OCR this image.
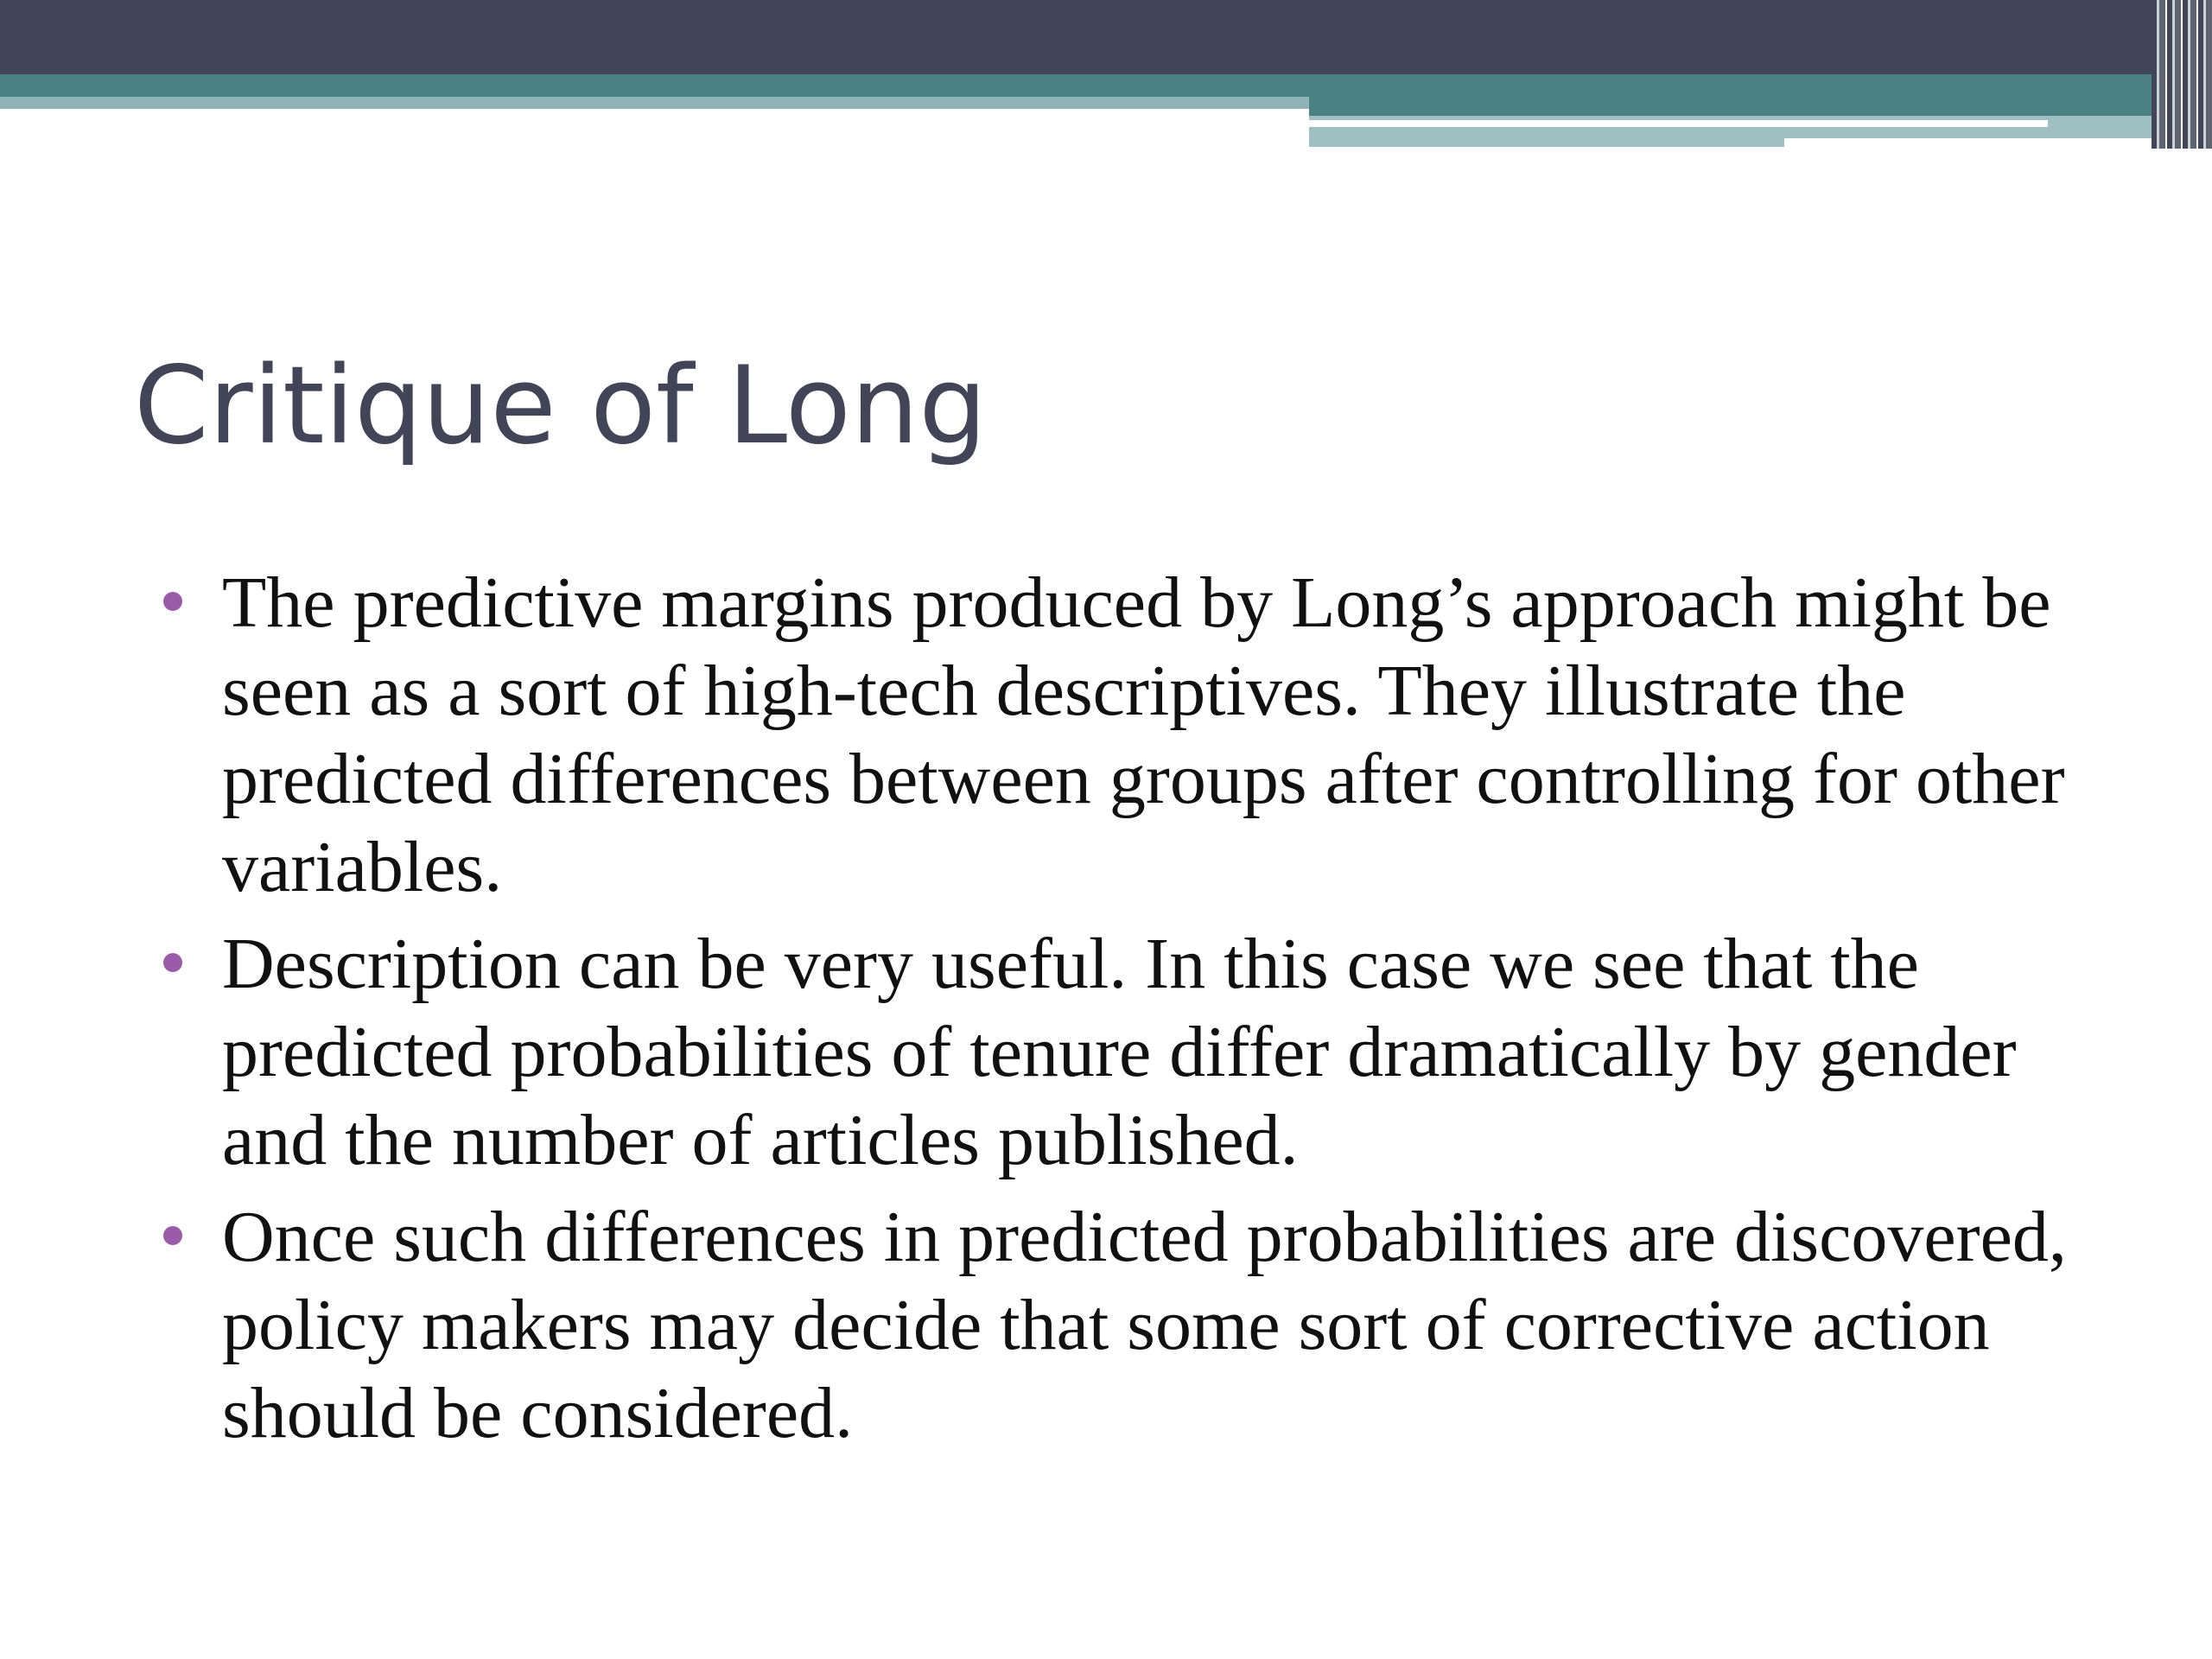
Critique of Long
The predictive margins produced by Long’s approach might be seen as a sort of high-tech descriptives. They illustrate the predicted differences between groups after controlling for other variables.
Description can be very useful. In this case we see that the predicted probabilities of tenure differ dramatically by gender and the number of articles published.
Once such differences in predicted probabilities are discovered, policy makers may decide that some sort of corrective action should be considered.
